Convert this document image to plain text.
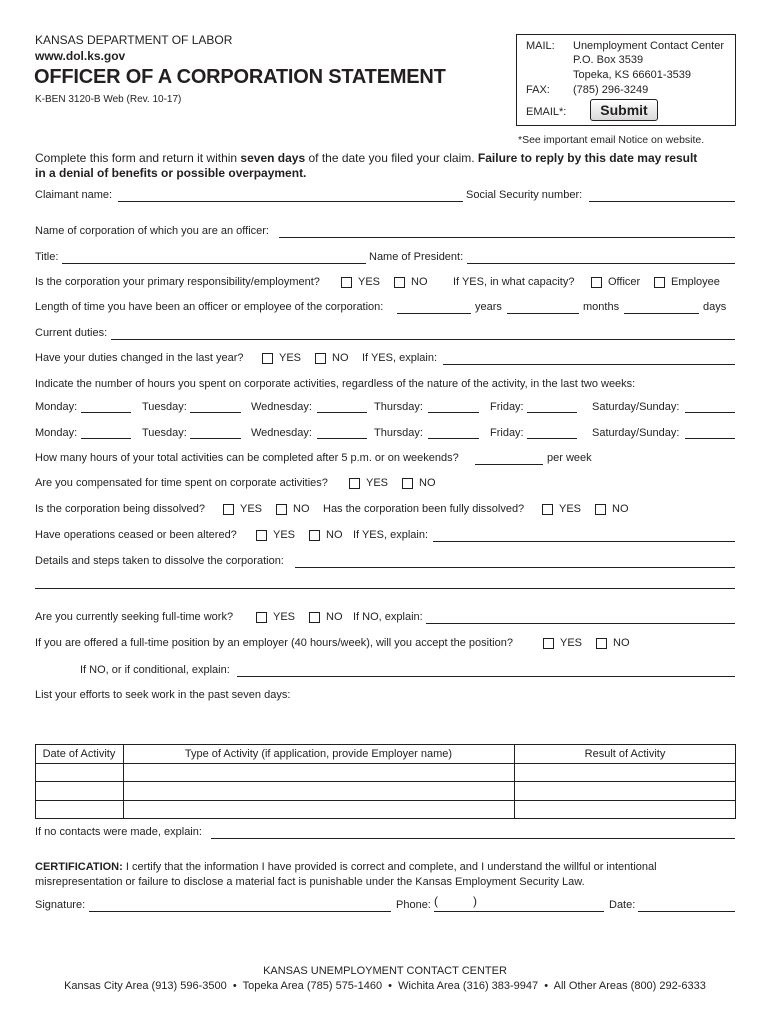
KANSAS DEPARTMENT OF LABOR
www.dol.ks.gov
OFFICER OF A CORPORATION STATEMENT
K-BEN 3120-B Web (Rev. 10-17)
MAIL: Unemployment Contact Center
P.O. Box 3539
Topeka, KS 66601-3539
FAX: (785) 296-3249
EMAIL*:	Submit
*See important email Notice on website.
Complete this form and return it within seven days of the date you filed your claim. Failure to reply by this date may result
in a denial of benefits or possible overpayment.
Claimant name:	Social Security number:
Name of corporation of which you are an officer:
Title:	Name of President:
Is the corporation your primary responsibility/employment?	YES	NO If YES, in what capacity?	Officer	Employee
Length of time you have been an officer or employee of the corporation:	years	months	days
Current duties:
Have your duties changed in the last year?	YES	NO If YES, explain:
Indicate the number of hours you spent on corporate activities, regardless of the nature of the activity, in the last two weeks:
Monday:	Tuesday:	Wednesday:	Thursday:	Friday:	Saturday/Sunday:
Monday:	Tuesday:	Wednesday:	Thursday:	Friday:	Saturday/Sunday:
How many hours of your total activities can be completed after 5 p.m. or on weekends?	per week
Are you compensated for time spent on corporate activities?	YES	NO
Is the corporation being dissolved?	YES	NO Has the corporation been fully dissolved?	YES	NO
Have operations ceased or been altered?	YES	NO If YES, explain:
Details and steps taken to dissolve the corporation:
Are you currently seeking full-time work?	YES	NO If NO, explain:
If you are offered a full-time position by an employer (40 hours/week), will you accept the position?	YES	NO
If NO, or if conditional, explain:
List your efforts to seek work in the past seven days:
Date of Activity	Type of Activity (if application, provide Employer name)	Result of Activity
If no contacts were made, explain:
CERTIFICATION: I certify that the information I have provided is correct and complete, and I understand the willful or intentional
misrepresentation or failure to disclose a material fact is punishable under the Kansas Employment Security Law.
Signature:	Phone: (	)	Date:
KANSAS UNEMPLOYMENT CONTACT CENTER
Kansas City Area (913) 596-3500  •  Topeka Area (785) 575-1460  •  Wichita Area (316) 383-9947  •  All Other Areas (800) 292-6333
